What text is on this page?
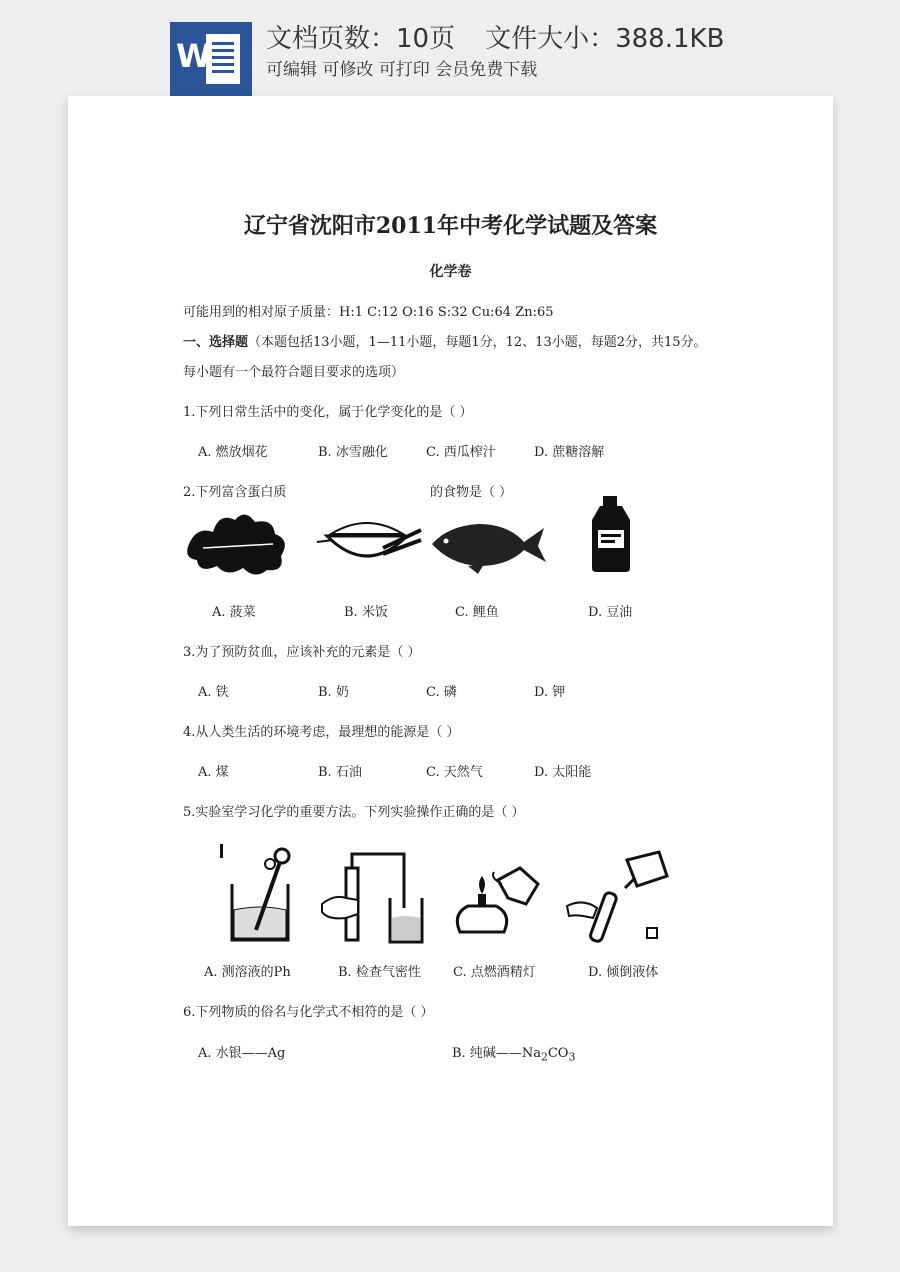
W 文档页数：10页 文件大小：388.1KB
可编辑 可修改 可打印 会员免费下载
辽宁省沈阳市2011年中考化学试题及答案
化学卷
可能用到的相对原子质量：H:1 C:12 O:16 S:32 Cu:64 Zn:65
一、选择题（本题包括13小题，1—11小题，每题1分，12、13小题，每题2分，共15分。
每小题有一个最符合题目要求的选项）
1.下列日常生活中的变化，属于化学变化的是（ ）
A. 燃放烟花	B. 冰雪融化	C. 西瓜榨汁	D. 蔗糖溶解
2.下列富含蛋白质	的食物是（ ）
A. 菠菜	B. 米饭	C. 鲤鱼	D. 豆油
3.为了预防贫血，应该补充的元素是（ ）
A. 铁	B. 奶	C. 磷	D. 钾
4.从人类生活的环境考虑，最理想的能源是（ ）
A. 煤	B. 石油	C. 天然气	D. 太阳能
5.实验室学习化学的重要方法。下列实验操作正确的是（ ）
A. 测溶液的Ph	B. 检查气密性 C. 点燃酒精灯	D. 倾倒液体
6.下列物质的俗名与化学式不相符的是（ ）
A. 水银——Ag	B. 纯碱$——Na_2CO_3$
